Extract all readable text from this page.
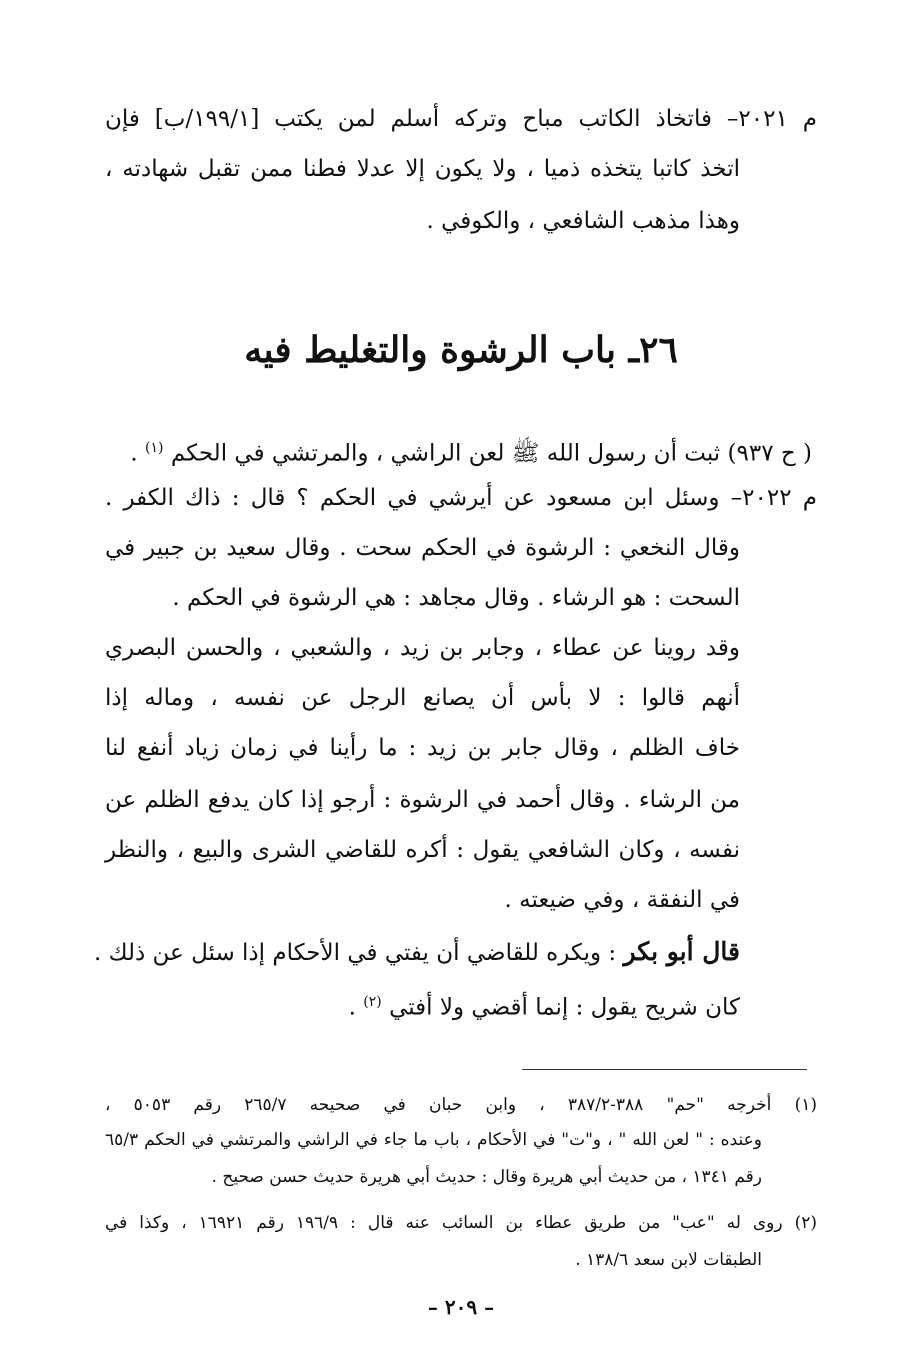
م ٢٠٢١– فاتخاذ الكاتب مباح وتركه أسلم لمن يكتب [١٩٩/١/ب] فإن
اتخذ كاتبا يتخذه ذميا ، ولا يكون إلا عدلا فطنا ممن تقبل شهادته ،
وهذا مذهب الشافعي ، والكوفي .
٢٦ـ باب الرشوة والتغليط فيه
( ح ٩٣٧) ثبت أن رسول الله ﷺ لعن الراشي ، والمرتشي في الحكم $^{(١)}$ .
م ٢٠٢٢– وسئل ابن مسعود عن أيرشي في الحكم ؟ قال : ذاك الكفر .
وقال النخعي : الرشوة في الحكم سحت . وقال سعيد بن جبير في
السحت : هو الرشاء . وقال مجاهد : هي الرشوة في الحكم .
وقد روينا عن عطاء ، وجابر بن زيد ، والشعبي ، والحسن البصري
أنهم قالوا : لا بأس أن يصانع الرجل عن نفسه ، وماله إذا
خاف الظلم ، وقال جابر بن زيد : ما رأينا في زمان زياد أنفع لنا
من الرشاء . وقال أحمد في الرشوة : أرجو إذا كان يدفع الظلم عن
نفسه ، وكان الشافعي يقول : أكره للقاضي الشرى والبيع ، والنظر
في النفقة ، وفي ضيعته .
قال أبو بكر : ويكره للقاضي أن يفتي في الأحكام إذا سئل عن ذلك .
كان شريح يقول : إنما أقضي ولا أفتي $^{(٢)}$ .
(١) أخرجه "حم" ٣٨٨-٣٨٧/٢ ، وابن حبان في صحيحه ٢٦٥/٧ رقم ٥٠٥٣ ،
وعنده : " لعن الله " ، و"ت" في الأحكام ، باب ما جاء في الراشي والمرتشي في الحكم ٦٥/٣
رقم ١٣٤١ ، من حديث أبي هريرة وقال : حديث أبي هريرة حديث حسن صحيح .
(٢) روى له "عب" من طريق عطاء بن السائب عنه قال : ١٩٦/٩ رقم ١٦٩٢١ ، وكذا في
الطبقات لابن سعد ١٣٨/٦ .
– ٢٠٩ –
